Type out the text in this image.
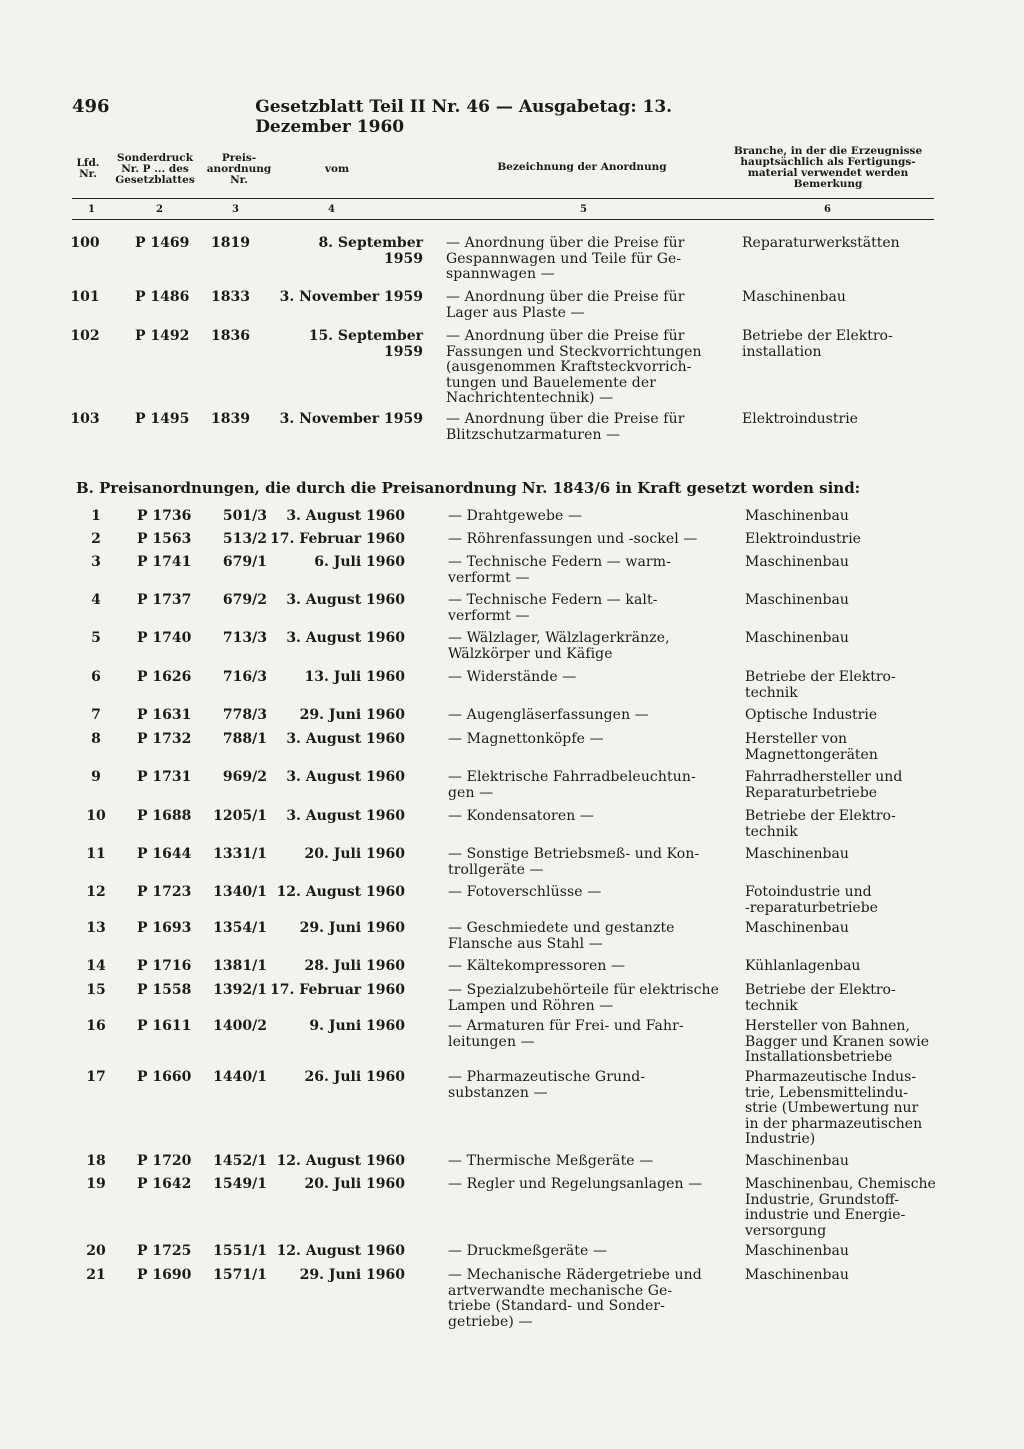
496	Gesetzblatt Teil II Nr. 46 — Ausgabetag: 13. Dezember 1960
Lfd.
Nr.
Sonderdruck
Nr. P ... des
Gesetzblattes
Preis-
anordnung
Nr.
vom	Bezeichnung der Anordnung
Branche, in der die Erzeugnisse
hauptsächlich als Fertigungs-
material verwendet werden
Bemerkung
1	2	3	4	5	6
100	P 1469	1819	8. September 1959
— Anordnung über die Preise für
Gespannwagen und Teile für Ge-
spannwagen —
Reparaturwerkstätten
101	P 1486	1833 3. November 1959 — Anordnung über die Preise für
Lager aus Plaste —
Maschinenbau
102	P 1492	1836	15. September 1959
— Anordnung über die Preise für
Fassungen und Steckvorrichtungen
(ausgenommen Kraftsteckvorrich-
tungen und Bauelemente der
Nachrichtentechnik) —
Betriebe der Elektro-
installation
103	P 1495	1839 3. November 1959 — Anordnung über die Preise für
Blitzschutzarmaturen —
Elektroindustrie
B. Preisanordnungen, die durch die Preisanordnung Nr. 1843/6 in Kraft gesetzt worden sind:
1	P 1736	501/3	3. August 1960	— Drahtgewebe —	Maschinenbau
2	P 1563	513/2 17. Februar 1960	— Röhrenfassungen und -sockel —	Elektroindustrie
3	P 1741	679/1	6. Juli 1960	— Technische Federn — warm-
verformt —
Maschinenbau
4	P 1737	679/2	3. August 1960	— Technische Federn — kalt-
verformt —
Maschinenbau
5	P 1740	713/3	3. August 1960	— Wälzlager, Wälzlagerkränze,
Wälzkörper und Käfige
Maschinenbau
6	P 1626	716/3	13. Juli 1960	— Widerstände —	Betriebe der Elektro-
technik
7	P 1631	778/3	29. Juni 1960	— Augengläserfassungen —	Optische Industrie
8	P 1732	788/1	3. August 1960	— Magnettonköpfe —	Hersteller von
Magnettongeräten
9	P 1731	969/2	3. August 1960	— Elektrische Fahrradbeleuchtun-
gen —
Fahrradhersteller und
Reparaturbetriebe
10	P 1688 1205/1	3. August 1960	— Kondensatoren —	Betriebe der Elektro-
technik
11	P 1644 1331/1	20. Juli 1960	— Sonstige Betriebsmeß- und Kon-
trollgeräte —
Maschinenbau
12	P 1723 1340/1 12. August 1960	— Fotoverschlüsse —	Fotoindustrie und
-reparaturbetriebe
13	P 1693 1354/1	29. Juni 1960	— Geschmiedete und gestanzte
Flansche aus Stahl —
Maschinenbau
14	P 1716 1381/1	28. Juli 1960	— Kältekompressoren —	Kühlanlagenbau
15	P 1558 1392/1 17. Februar 1960	— Spezialzubehörteile für elektrische
Lampen und Röhren —
Betriebe der Elektro-
technik
16	P 1611 1400/2	9. Juni 1960	— Armaturen für Frei- und Fahr-
leitungen —
Hersteller von Bahnen,
Bagger und Kranen sowie
Installationsbetriebe
17	P 1660 1440/1	26. Juli 1960	— Pharmazeutische Grund-
substanzen —
Pharmazeutische Indus-
trie, Lebensmittelindu-
strie (Umbewertung nur
in der pharmazeutischen
Industrie)
18	P 1720 1452/1 12. August 1960	— Thermische Meßgeräte —	Maschinenbau
19	P 1642 1549/1	20. Juli 1960	— Regler und Regelungsanlagen —	Maschinenbau, Chemische
Industrie, Grundstoff-
industrie und Energie-
versorgung
20	P 1725 1551/1 12. August 1960	— Druckmeßgeräte —	Maschinenbau
21	P 1690 1571/1	29. Juni 1960	— Mechanische Rädergetriebe und
artverwandte mechanische Ge-
triebe (Standard- und Sonder-
getriebe) —
Maschinenbau
